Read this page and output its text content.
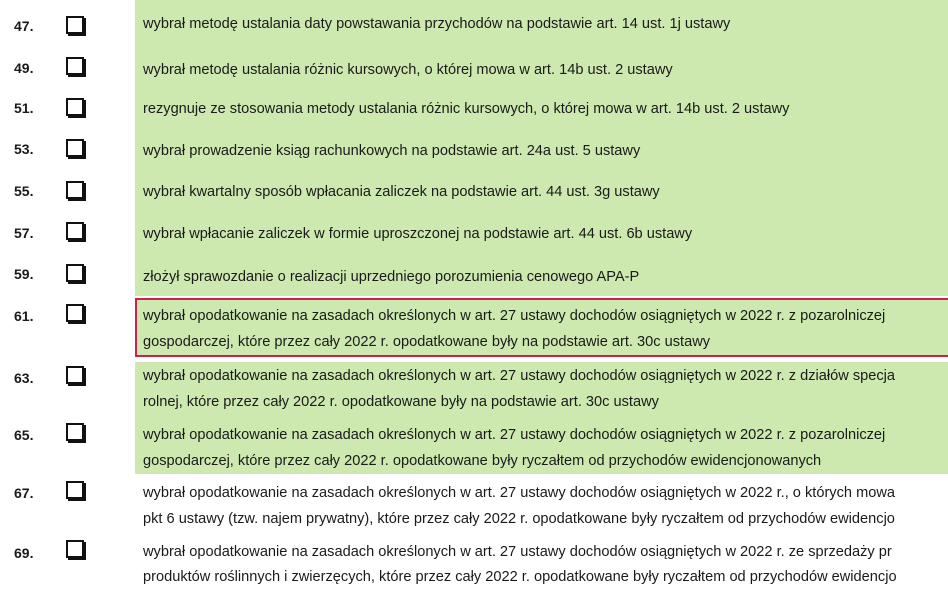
47.	wybrał metodę ustalania daty powstawania przychodów na podstawie art. 14 ust. 1j ustawy
49.	wybrał metodę ustalania różnic kursowych, o której mowa w art. 14b ust. 2 ustawy
51.	rezygnuje ze stosowania metody ustalania różnic kursowych, o której mowa w art. 14b ust. 2 ustawy
53.	wybrał prowadzenie ksiąg rachunkowych na podstawie art. 24a ust. 5 ustawy
55.	wybrał kwartalny sposób wpłacania zaliczek na podstawie art. 44 ust. 3g ustawy
57.	wybrał wpłacanie zaliczek w formie uproszczonej na podstawie art. 44 ust. 6b ustawy
59.	złożył sprawozdanie o realizacji uprzedniego porozumienia cenowego APA-P
61.	wybrał opodatkowanie na zasadach określonych w art. 27 ustawy dochodów osiągniętych w 2022 r. z pozarolniczej
gospodarczej, które przez cały 2022 r. opodatkowane były na podstawie art. 30c ustawy
63.	wybrał opodatkowanie na zasadach określonych w art. 27 ustawy dochodów osiągniętych w 2022 r. z działów specja
rolnej, które przez cały 2022 r. opodatkowane były na podstawie art. 30c ustawy
65.	wybrał opodatkowanie na zasadach określonych w art. 27 ustawy dochodów osiągniętych w 2022 r. z pozarolniczej
gospodarczej, które przez cały 2022 r. opodatkowane były ryczałtem od przychodów ewidencjonowanych
67.	wybrał opodatkowanie na zasadach określonych w art. 27 ustawy dochodów osiągniętych w 2022 r., o których mowa
pkt 6 ustawy (tzw. najem prywatny), które przez cały 2022 r. opodatkowane były ryczałtem od przychodów ewidencjo
69.	wybrał opodatkowanie na zasadach określonych w art. 27 ustawy dochodów osiągniętych w 2022 r. ze sprzedaży pr
produktów roślinnych i zwierzęcych, które przez cały 2022 r. opodatkowane były ryczałtem od przychodów ewidencjo
